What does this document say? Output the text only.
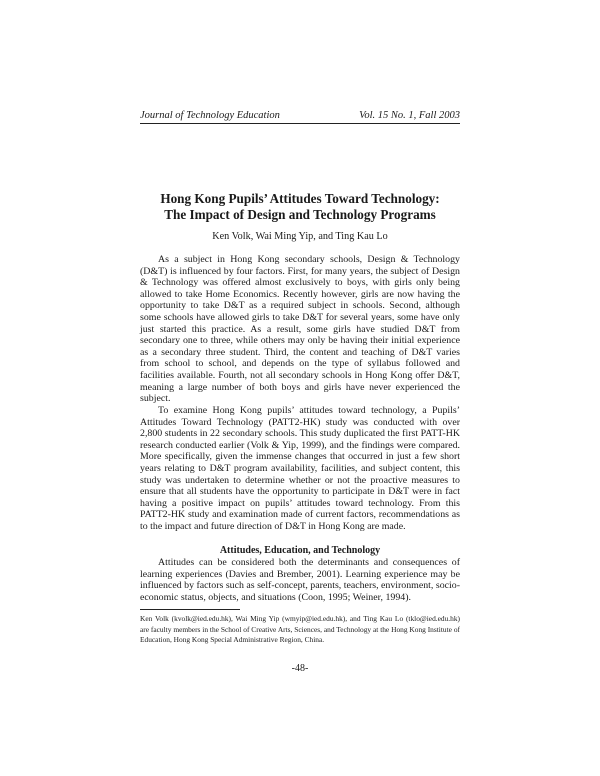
Journal of Technology Education	Vol. 15 No. 1, Fall 2003
Hong Kong Pupils’ Attitudes Toward Technology:
The Impact of Design and Technology Programs
Ken Volk, Wai Ming Yip, and Ting Kau Lo

As a subject in Hong Kong secondary schools, Design & Technology (D&T) is influenced by four factors. First, for many years, the subject of Design & Technology was offered almost exclusively to boys, with girls only being allowed to take Home Economics. Recently however, girls are now having the opportunity to take D&T as a required subject in schools. Second, although some schools have allowed girls to take D&T for several years, some have only just started this practice. As a result, some girls have studied D&T from secondary one to three, while others may only be having their initial experience as a secondary three student. Third, the content and teaching of D&T varies from school to school, and depends on the type of syllabus followed and facilities available. Fourth, not all secondary schools in Hong Kong offer D&T, meaning a large number of both boys and girls have never experienced the subject.

To examine Hong Kong pupils’ attitudes toward technology, a Pupils’ Attitudes Toward Technology (PATT2-HK) study was conducted with over 2,800 students in 22 secondary schools. This study duplicated the first PATT-HK research conducted earlier (Volk & Yip, 1999), and the findings were compared. More specifically, given the immense changes that occurred in just a few short years relating to D&T program availability, facilities, and subject content, this study was undertaken to determine whether or not the proactive measures to ensure that all students have the opportunity to participate in D&T were in fact having a positive impact on pupils’ attitudes toward technology. From this PATT2-HK study and examination made of current factors, recommendations as to the impact and future direction of D&T in Hong Kong are made.

Attitudes, Education, and Technology

Attitudes can be considered both the determinants and consequences of learning experiences (Davies and Brember, 2001). Learning experience may be influenced by factors such as self-concept, parents, teachers, environment, socio-economic status, objects, and situations (Coon, 1995; Weiner, 1994).

Ken Volk (kvolk@ied.edu.hk), Wai Ming Yip (wmyip@ied.edu.hk), and Ting Kau Lo (tklo@ied.edu.hk) are faculty members in the School of Creative Arts, Sciences, and Technology at the Hong Kong Institute of Education, Hong Kong Special Administrative Region, China.
-48-
